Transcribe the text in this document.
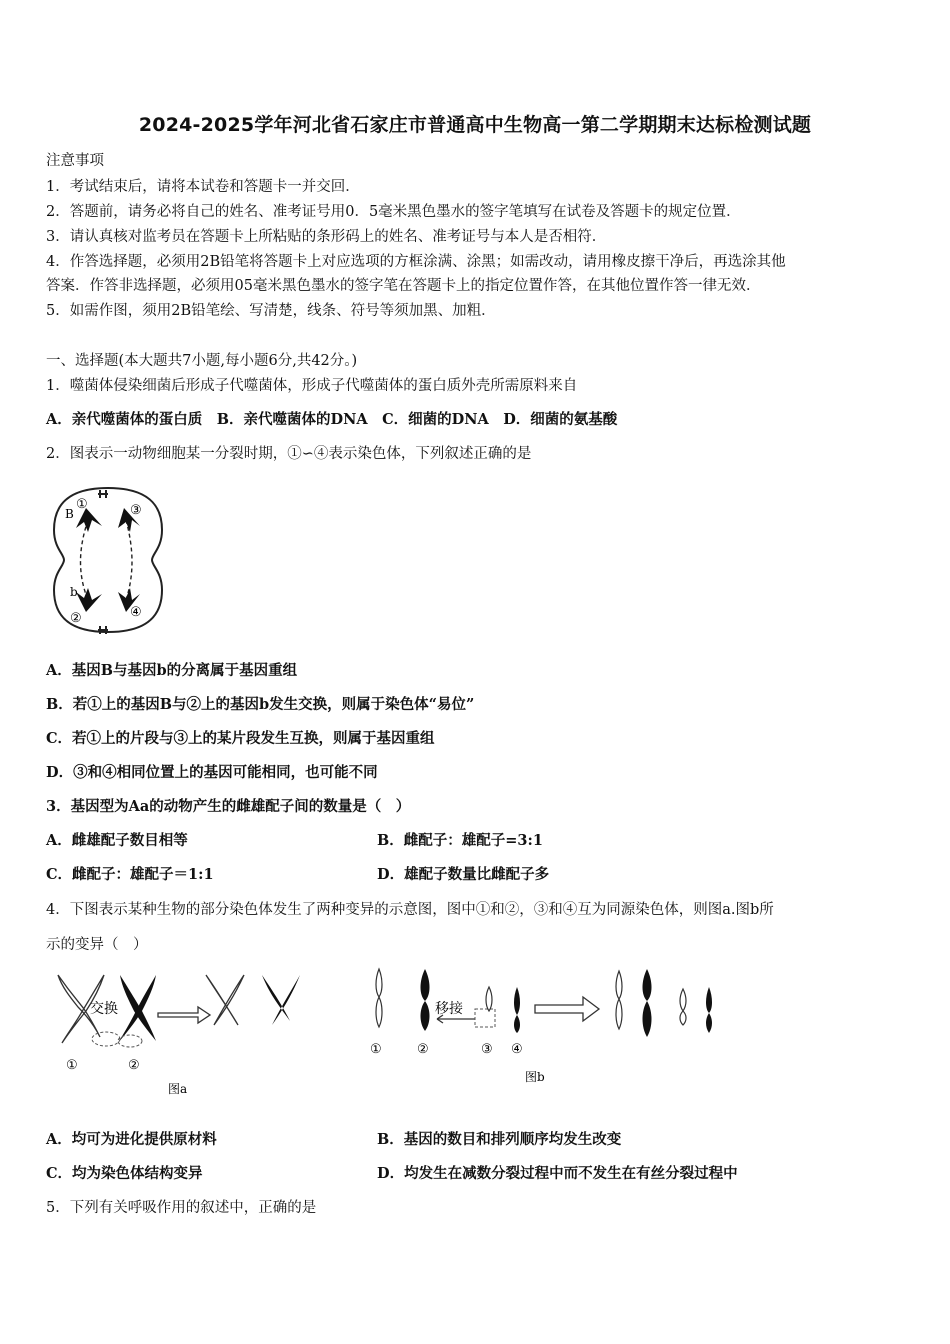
2024-2025学年河北省石家庄市普通高中生物高一第二学期期末达标检测试题
注意事项
1．考试结束后，请将本试卷和答题卡一并交回．
2．答题前，请务必将自己的姓名、准考证号用0．5毫米黑色墨水的签字笔填写在试卷及答题卡的规定位置．
3．请认真核对监考员在答题卡上所粘贴的条形码上的姓名、准考证号与本人是否相符．
4．作答选择题，必须用2B铅笔将答题卡上对应选项的方框涂满、涂黑；如需改动，请用橡皮擦干净后，再选涂其他
答案．作答非选择题，必须用05毫米黑色墨水的签字笔在答题卡上的指定位置作答，在其他位置作答一律无效．
5．如需作图，须用2B铅笔绘、写清楚，线条、符号等须加黑、加粗．
一、选择题(本大题共7小题,每小题6分,共42分。)
1．噬菌体侵染细菌后形成子代噬菌体，形成子代噬菌体的蛋白质外壳所需原料来自
A．亲代噬菌体的蛋白质　B．亲代噬菌体的DNA　C．细菌的DNA　D．细菌的氨基酸
2．图表示一动物细胞某一分裂时期，①∽④表示染色体，下列叙述正确的是
①	③
B
b
②	④
A．基因B与基因b的分离属于基因重组
B．若①上的基因B与②上的基因b发生交换，则属于染色体“易位”
C．若①上的片段与③上的某片段发生互换，则属于基因重组
D．③和④相同位置上的基因可能相同，也可能不同
3．基因型为Aa的动物产生的雌雄配子间的数量是（　）
A．雌雄配子数目相等	B．雌配子：雄配子=3:1
C．雌配子：雄配子＝1:1	D．雄配子数量比雌配子多
4．下图表示某种生物的部分染色体发生了两种变异的示意图，图中①和②，③和④互为同源染色体，则图a.图b所
示的变异（　）
交换
①	②
图a
移接
①	②	③ ④
图b
A．均可为进化提供原材料	B．基因的数目和排列顺序均发生改变
C．均为染色体结构变异	D．均发生在减数分裂过程中而不发生在有丝分裂过程中
5．下列有关呼吸作用的叙述中，正确的是
